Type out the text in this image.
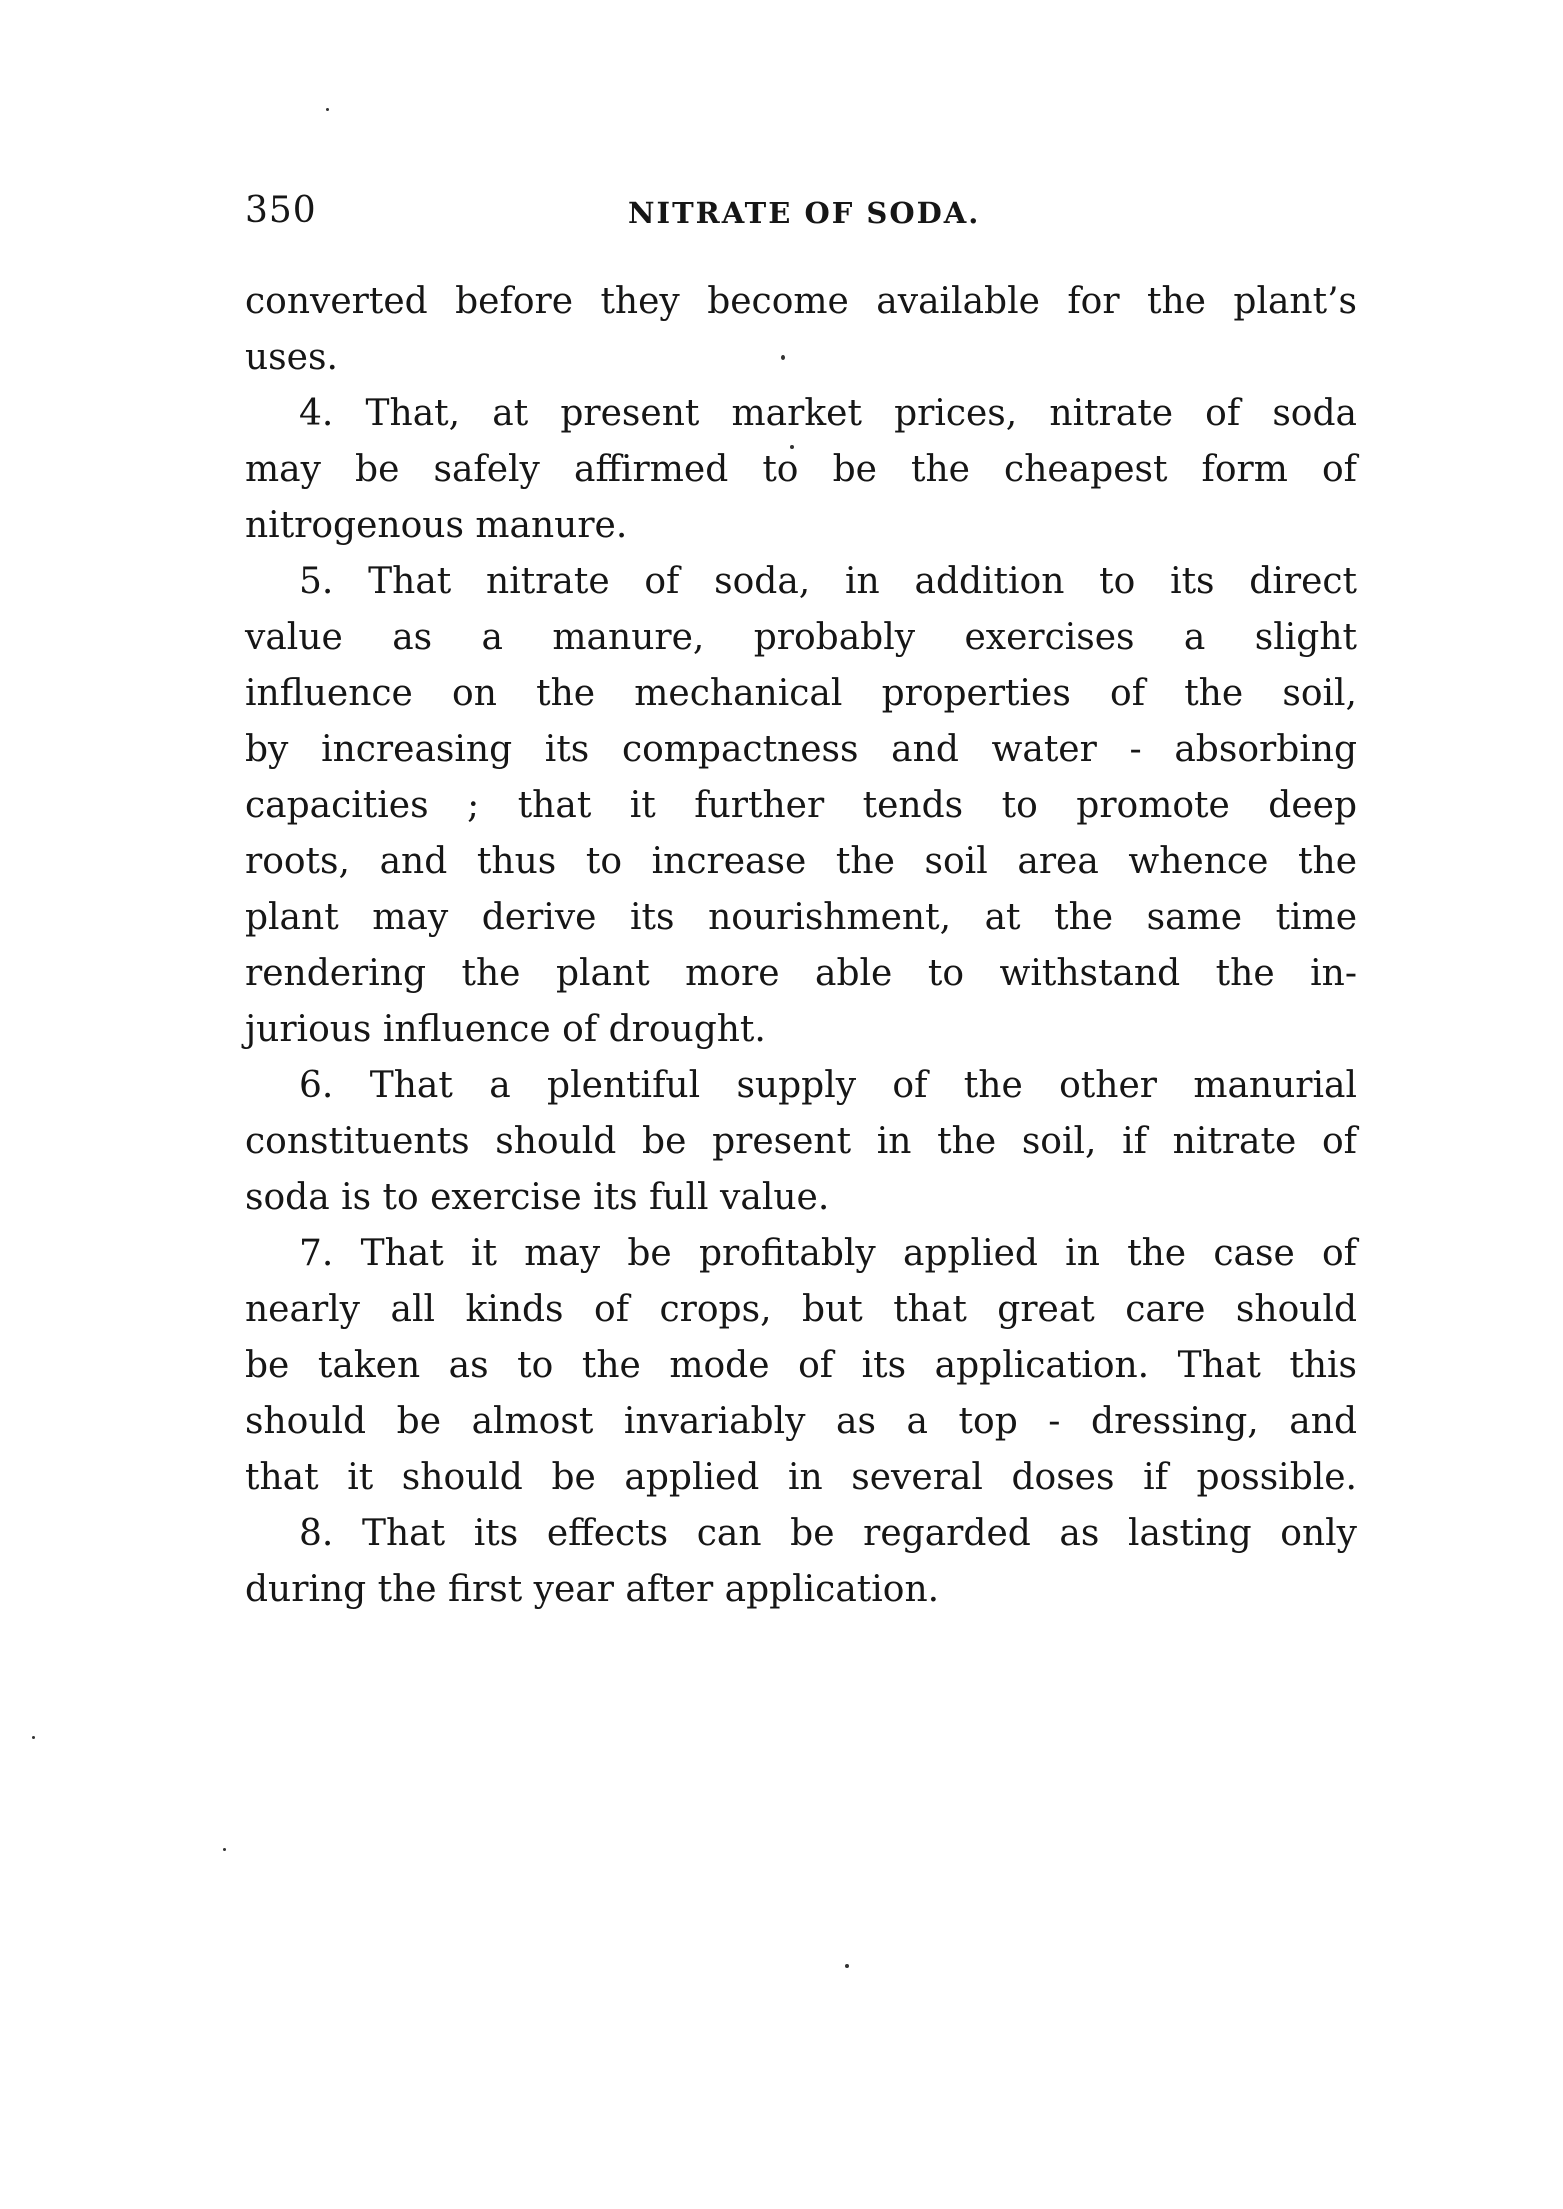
350	NITRATE OF SODA.
converted before they become available for the plant’s
uses.
4. That, at present market prices, nitrate of soda
may be safely affirmed to be the cheapest form of
nitrogenous manure.
5. That nitrate of soda, in addition to its direct
value as a manure, probably exercises a slight
influence on the mechanical properties of the soil,
by increasing its compactness and water - absorbing
capacities ; that it further tends to promote deep
roots, and thus to increase the soil area whence the
plant may derive its nourishment, at the same time
rendering the plant more able to withstand the in-
jurious influence of drought.
6. That a plentiful supply of the other manurial
constituents should be present in the soil, if nitrate of
soda is to exercise its full value.
7. That it may be profitably applied in the case of
nearly all kinds of crops, but that great care should
be taken as to the mode of its application. That this
should be almost invariably as a top - dressing, and
that it should be applied in several doses if possible.
8. That its effects can be regarded as lasting only
during the first year after application.
